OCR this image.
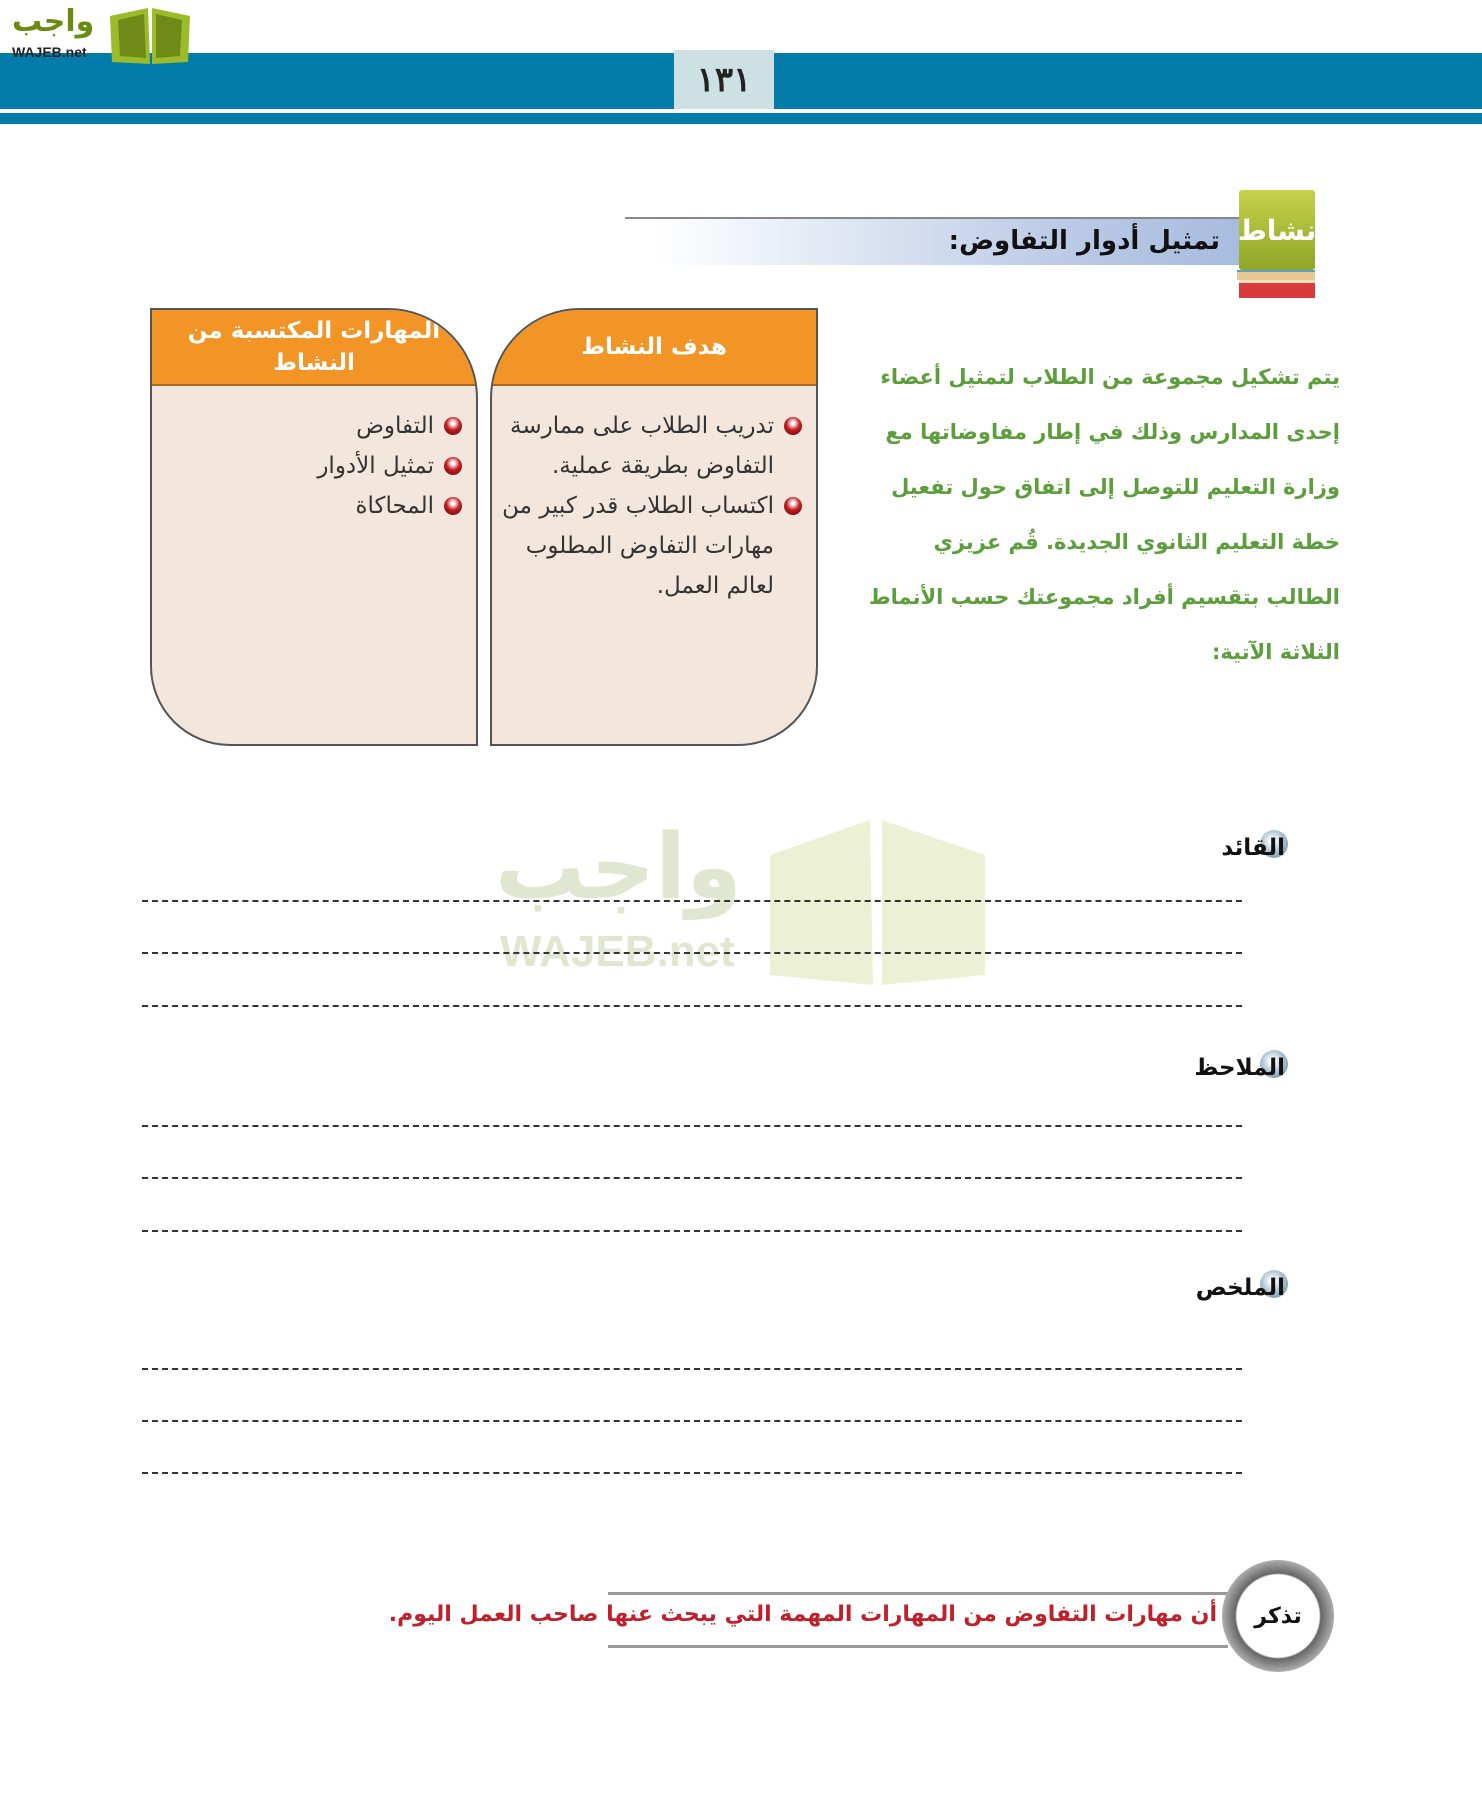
١٣١
واجب
WAJEB.net
تمثيل أدوار التفاوض: نشاط
هدف النشاط
تدريب الطلاب على ممارسة التفاوض بطريقة عملية.
اكتساب الطلاب قدر كبير من مهارات التفاوض المطلوب لعالم العمل.
المهارات المكتسبة من النشاط
التفاوض
تمثيل الأدوار
المحاكاة
يتم تشكيل مجموعة من الطلاب لتمثيل أعضاء إحدى المدارس وذلك في إطار مفاوضاتها مع وزارة التعليم للتوصل إلى اتفاق حول تفعيل خطة التعليم الثانوي الجديدة. قُم عزيزي الطالب بتقسيم أفراد مجموعتك حسب الأنماط الثلاثة الآتية:
واجب
WAJEB.net
القائد
الملاحظ
الملخص
أن مهارات التفاوض من المهارات المهمة التي يبحث عنها صاحب العمل اليوم. تذكر
